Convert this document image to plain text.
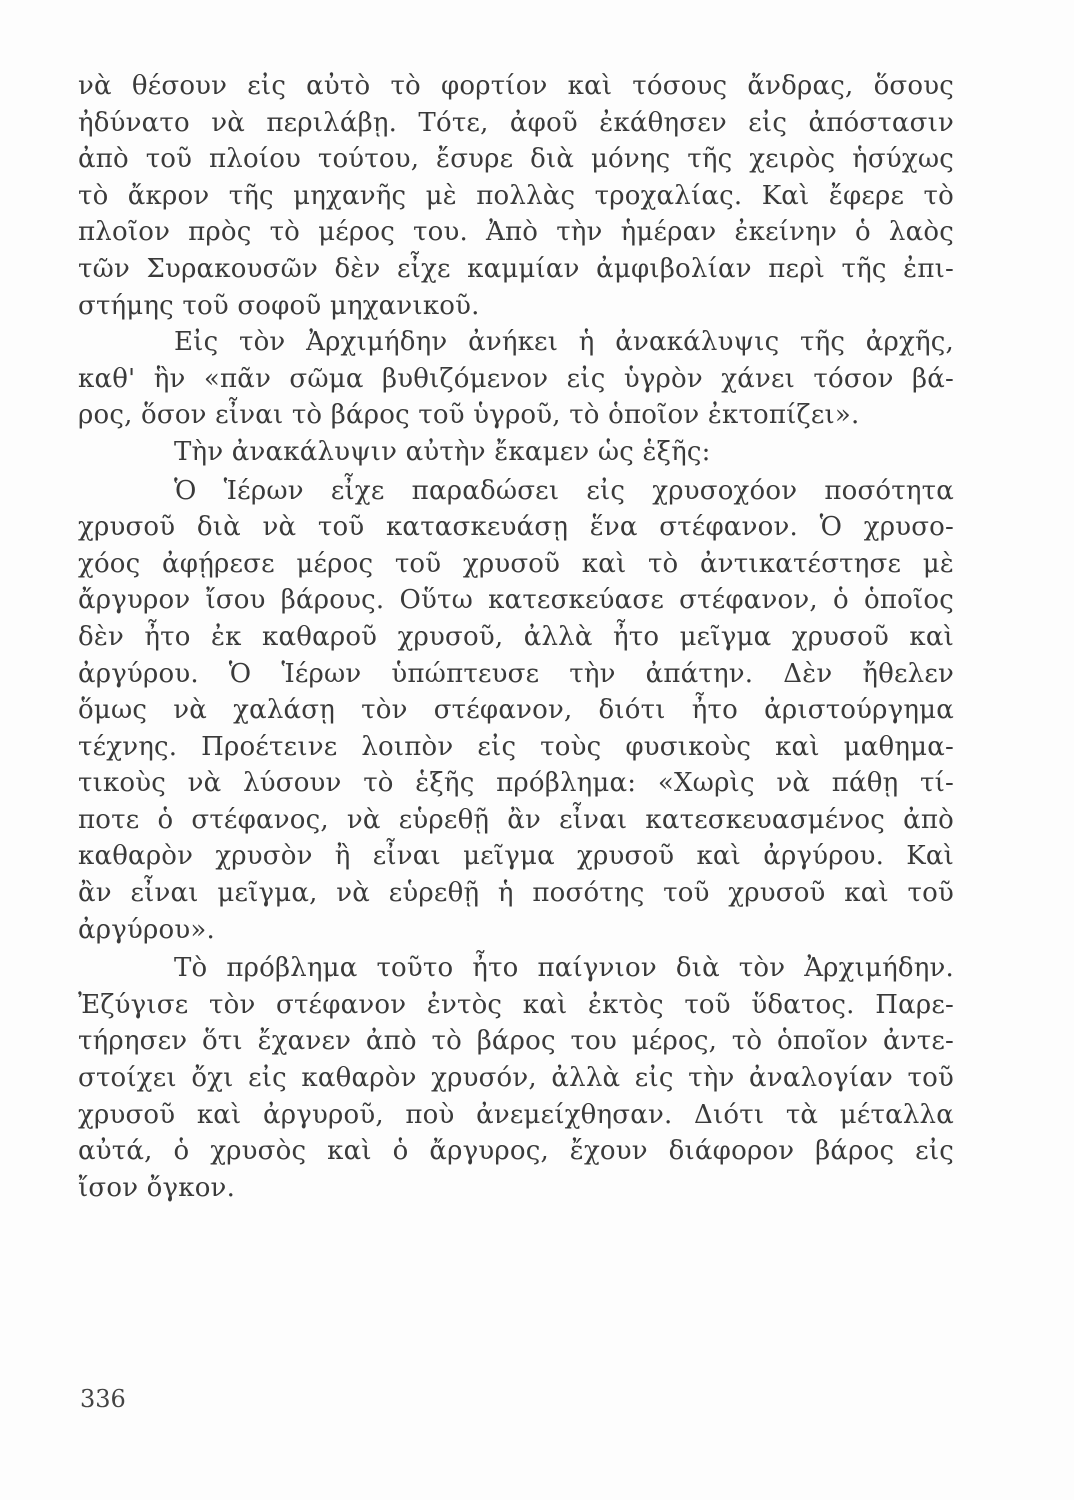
νὰ θέσουν εἰς αὐτὸ τὸ φορτίον καὶ τόσους ἄνδρας, ὅσους
ἠδύνατο νὰ περιλάβῃ. Τότε, ἀφοῦ ἐκάθησεν εἰς ἀπόστασιν
ἀπὸ τοῦ πλοίου τούτου, ἔσυρε διὰ μόνης τῆς χειρὸς ἡσύχως
τὸ ἄκρον τῆς μηχανῆς μὲ πολλὰς τροχαλίας. Καὶ ἔφερε τὸ
πλοῖον πρὸς τὸ μέρος του. Ἀπὸ τὴν ἡμέραν ἐκείνην ὁ λαὸς
τῶν Συρακουσῶν δὲν εἶχε καμμίαν ἀμφιβολίαν περὶ τῆς ἐπι-
στήμης τοῦ σοφοῦ μηχανικοῦ.
Εἰς τὸν Ἀρχιμήδην ἀνήκει ἡ ἀνακάλυψις τῆς ἀρχῆς,
καθ' ἣν «πᾶν σῶμα βυθιζόμενον εἰς ὑγρὸν χάνει τόσον βά-
ρος, ὅσον εἶναι τὸ βάρος τοῦ ὑγροῦ, τὸ ὁποῖον ἐκτοπίζει».
Τὴν ἀνακάλυψιν αὐτὴν ἔκαμεν ὡς ἑξῆς:
Ὁ Ἱέρων εἶχε παραδώσει εἰς χρυσοχόον ποσότητα
χρυσοῦ διὰ νὰ τοῦ κατασκευάσῃ ἕνα στέφανον. Ὁ χρυσο-
χόος ἀφῄρεσε μέρος τοῦ χρυσοῦ καὶ τὸ ἀντικατέστησε μὲ
ἄργυρον ἴσου βάρους. Οὕτω κατεσκεύασε στέφανον, ὁ ὁποῖος
δὲν ἦτο ἐκ καθαροῦ χρυσοῦ, ἀλλὰ ἦτο μεῖγμα χρυσοῦ καὶ
ἀργύρου. Ὁ Ἱέρων ὑπώπτευσε τὴν ἀπάτην. Δὲν ἤθελεν
ὅμως νὰ χαλάσῃ τὸν στέφανον, διότι ἦτο ἀριστούργημα
τέχνης. Προέτεινε λοιπὸν εἰς τοὺς φυσικοὺς καὶ μαθημα-
τικοὺς νὰ λύσουν τὸ ἑξῆς πρόβλημα: «Χωρὶς νὰ πάθῃ τί-
ποτε ὁ στέφανος, νὰ εὑρεθῇ ἂν εἶναι κατεσκευασμένος ἀπὸ
καθαρὸν χρυσὸν ἢ εἶναι μεῖγμα χρυσοῦ καὶ ἀργύρου. Καὶ
ἂν εἶναι μεῖγμα, νὰ εὑρεθῇ ἡ ποσότης τοῦ χρυσοῦ καὶ τοῦ
ἀργύρου».
Τὸ πρόβλημα τοῦτο ἦτο παίγνιον διὰ τὸν Ἀρχιμήδην.
Ἐζύγισε τὸν στέφανον ἐντὸς καὶ ἐκτὸς τοῦ ὕδατος. Παρε-
τήρησεν ὅτι ἔχανεν ἀπὸ τὸ βάρος του μέρος, τὸ ὁποῖον ἀντε-
στοίχει ὄχι εἰς καθαρὸν χρυσόν, ἀλλὰ εἰς τὴν ἀναλογίαν τοῦ
χρυσοῦ καὶ ἀργυροῦ, ποὺ ἀνεμείχθησαν. Διότι τὰ μέταλλα
αὐτά, ὁ χρυσὸς καὶ ὁ ἄργυρος, ἔχουν διάφορον βάρος εἰς
ἴσον ὄγκον.
336
